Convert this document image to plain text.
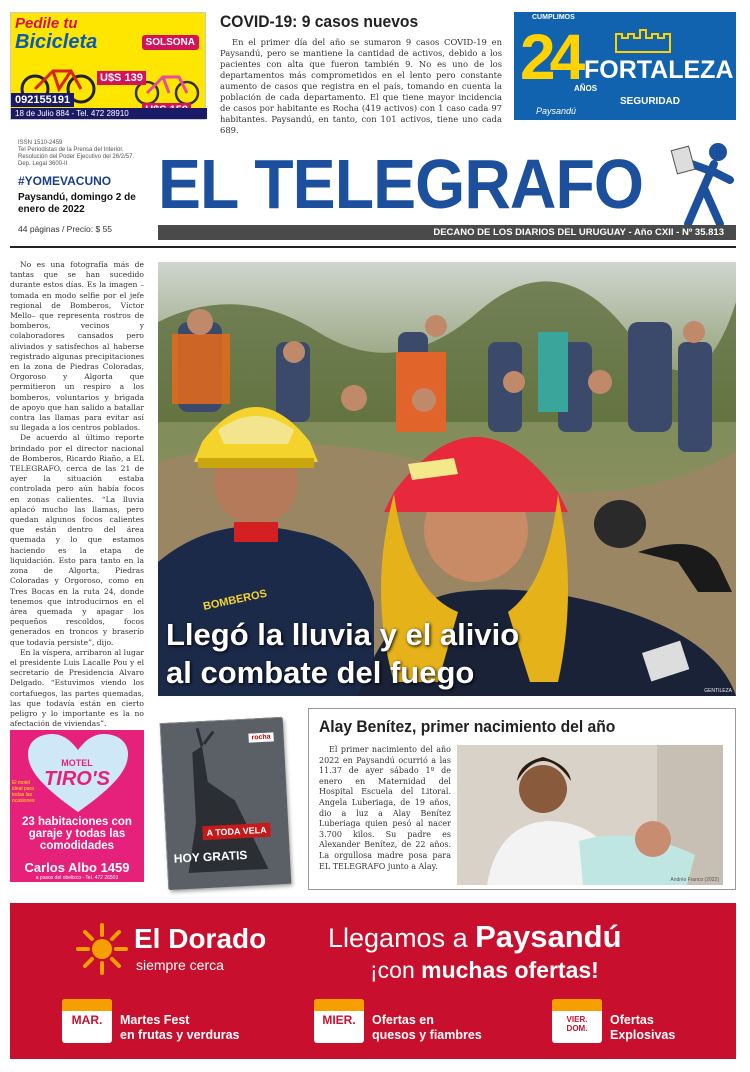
Pedile tu
Bicicleta	SOLSONA
U$S 139
092155191
18 de Julio 884 - Tel. 472 28910
COVID-19: 9 casos nuevos

En el primer día del año se sumaron 9 casos COVID-19 en Paysandú, pero se mantiene la cantidad de activos, debido a los pacientes con alta que fueron también 9. No es uno de los departamentos más comprometidos en el lento pero constante aumento de casos que registra en el país, tomando en cuenta la población de cada departamento. El que tiene mayor incidencia de casos por habitante es Rocha (419 activos) con 1 caso cada 97 habitantes. Paysandú, en tanto, con 101 activos, tiene uno cada 689.

CUMPLIMOS
24
AÑOS
FORTALEZA
SEGURIDAD
Paysandú
ISSN 1510-2459
Tel Periodistas de la Prensa del Interior. Resolución del Poder Ejecutivo del 26/2/57. Dep. Legal 3600-II
#YOMEVACUNO
Paysandú, domingo 2 de enero de 2022
44 páginas / Precio: $ 55
EL TELEGRAFO
DECANO DE LOS DIARIOS DEL URUGUAY - Año CXII - Nº 35.813

No es una fotografía más de tantas que se han sucedido durante estos días. Es la imagen –tomada en modo selfie por el jefe regional de Bomberos, Víctor Mello– que representa rostros de bomberos, vecinos y colaboradores cansados pero aliviados y satisfechos al haberse registrado algunas precipitaciones en la zona de Piedras Coloradas, Orgoroso y Algorta que permitieron un respiro a los bomberos, voluntarios y brigada de apoyo que han salido a batallar contra las llamas para evitar así su llegada a los centros poblados.

De acuerdo al último reporte brindado por el director nacional de Bomberos, Ricardo Riaño, a EL TELEGRAFO, cerca de las 21 de ayer la situación estaba controlada pero aún había focos en zonas calientes. “La lluvia aplacó mucho las llamas, pero quedan algunos focos calientes que están dentro del área quemada y lo que estamos haciendo es la etapa de liquidación. Esto para tanto en la zona de Algorta, Piedras Coloradas y Orgoroso, como en Tres Bocas en la ruta 24, donde tenemos que introducirnos en el área quemada y apagar los pequeños rescoldos, focos generados en troncos y braserío que todavía persiste”, dijo.

En la víspera, arribaron al lugar el presidente Luis Lacalle Pou y el secretario de Presidencia Alvaro Delgado. “Estuvimos viendo los cortafuegos, las partes quemadas, las que todavía están en cierto peligro y lo importante es la no afectación de viviendas”.

BOMBEROS
GENTILEZA
Llegó la lluvia y el alivio
al combate del fuego
MOTEL
TIRO'S
El motel ideal para todas las ocasiones
23 habitaciones con garaje y todas las comodidades
Carlos Albo 1459
a pasos del obelisco - Tel. 472 26503
rocha
A TODA VELA
HOY GRATIS
Alay Benítez, primer nacimiento del año

El primer nacimiento del año 2022 en Paysandú ocurrió a las 11.37 de ayer sábado 1º de enero en Maternidad del Hospital Escuela del Litoral. Angela Luberiaga, de 19 años, dio a luz a Alay Benítez Luberiaga quien pesó al nacer 3.700 kilos. Su padre es Alexander Benítez, de 22 años. La orgullosa madre posa para EL TELEGRAFO junto a Alay.

Andrés Franco (2022)
El Dorado
siempre cerca
Llegamos a Paysandú
¡con muchas ofertas!
MAR.	Martes Fest
en frutas y verduras
MIER.	Ofertas en
quesos y fiambres
VIER. DOM.
Ofertas
Explosivas
